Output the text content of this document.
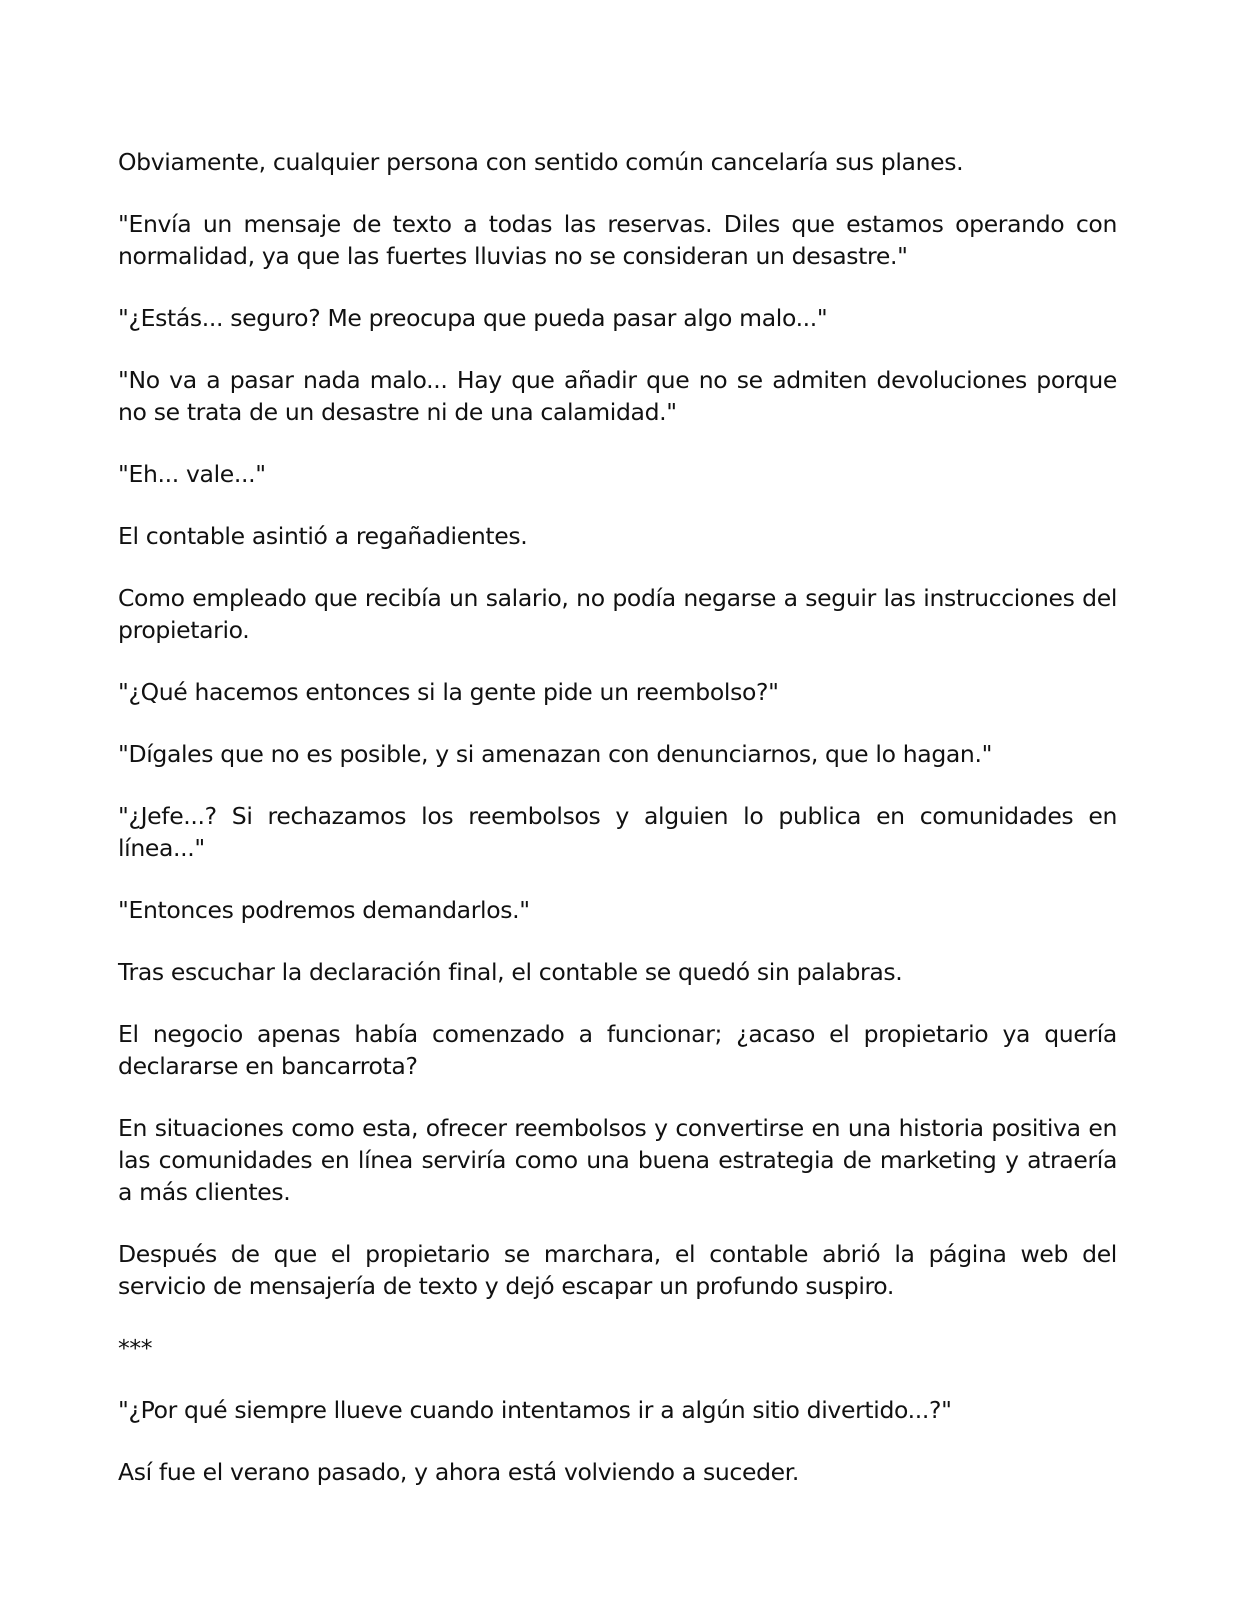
Obviamente, cualquier persona con sentido común cancelaría sus planes.

"Envía un mensaje de texto a todas las reservas. Diles que estamos operando con normalidad, ya que las fuertes lluvias no se consideran un desastre."

"¿Estás... seguro? Me preocupa que pueda pasar algo malo..."

"No va a pasar nada malo... Hay que añadir que no se admiten devoluciones porque no se trata de un desastre ni de una calamidad."

"Eh... vale..."

El contable asintió a regañadientes.

Como empleado que recibía un salario, no podía negarse a seguir las instrucciones del propietario.

"¿Qué hacemos entonces si la gente pide un reembolso?"

"Dígales que no es posible, y si amenazan con denunciarnos, que lo hagan."

"¿Jefe...? Si rechazamos los reembolsos y alguien lo publica en comunidades en línea..."

"Entonces podremos demandarlos."

Tras escuchar la declaración final, el contable se quedó sin palabras.

El negocio apenas había comenzado a funcionar; ¿acaso el propietario ya quería declararse en bancarrota?

En situaciones como esta, ofrecer reembolsos y convertirse en una historia positiva en las comunidades en línea serviría como una buena estrategia de marketing y atraería a más clientes.

Después de que el propietario se marchara, el contable abrió la página web del servicio de mensajería de texto y dejó escapar un profundo suspiro.

***

"¿Por qué siempre llueve cuando intentamos ir a algún sitio divertido...?"

Así fue el verano pasado, y ahora está volviendo a suceder.
